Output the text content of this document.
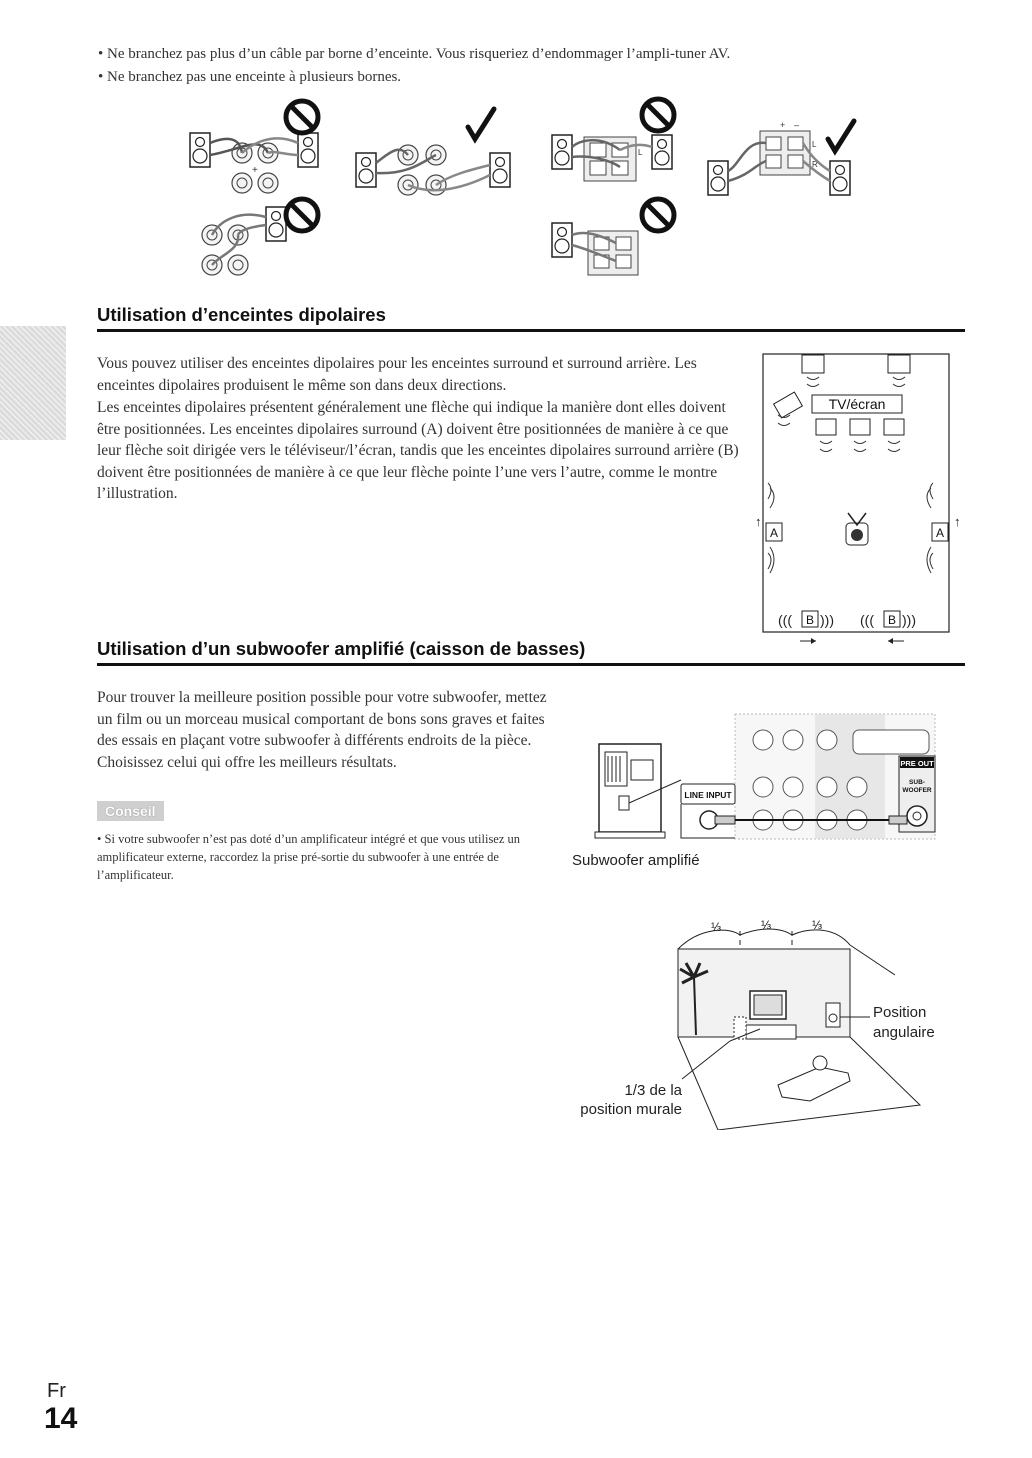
• Ne branchez pas plus d’un câble par borne d’enceinte. Vous risqueriez d’endommager l’ampli-tuner AV.
• Ne branchez pas une enceinte à plusieurs bornes.
+
L
+ –
L
R
Utilisation d’enceintes dipolaires
Vous pouvez utiliser des enceintes dipolaires pour les enceintes surround et surround arrière. Les enceintes dipolaires produisent le même son dans deux directions.
Les enceintes dipolaires présentent généralement une flèche qui indique la manière dont elles doivent être positionnées. Les enceintes dipolaires surround (A) doivent être positionnées de manière à ce que leur flèche soit dirigée vers le téléviseur/l’écran, tandis que les enceintes dipolaires surround arrière (B) doivent être positionnées de manière à ce que leur flèche pointe l’une vers l’autre, comme le montre l’illustration.
TV/écran
A	A
((( B ))) ((( B )))
↑	↑
Utilisation d’un subwoofer amplifié (caisson de basses)
Pour trouver la meilleure position possible pour votre subwoofer, mettez un film ou un morceau musical comportant de bons sons graves et faites des essais en plaçant votre subwoofer à différents endroits de la pièce. Choisissez celui qui offre les meilleurs résultats.
Conseil
• Si votre subwoofer n’est pas doté d’un amplificateur intégré et que vous utilisez un amplificateur externe, raccordez la prise pré-sortie du subwoofer à une entrée de l’amplificateur.
PRE OUT
SUB-
WOOFER
LINE INPUT
Subwoofer amplifié
⅓	⅓	⅓
Position
angulaire
1/3 de la
position murale
Fr
14
